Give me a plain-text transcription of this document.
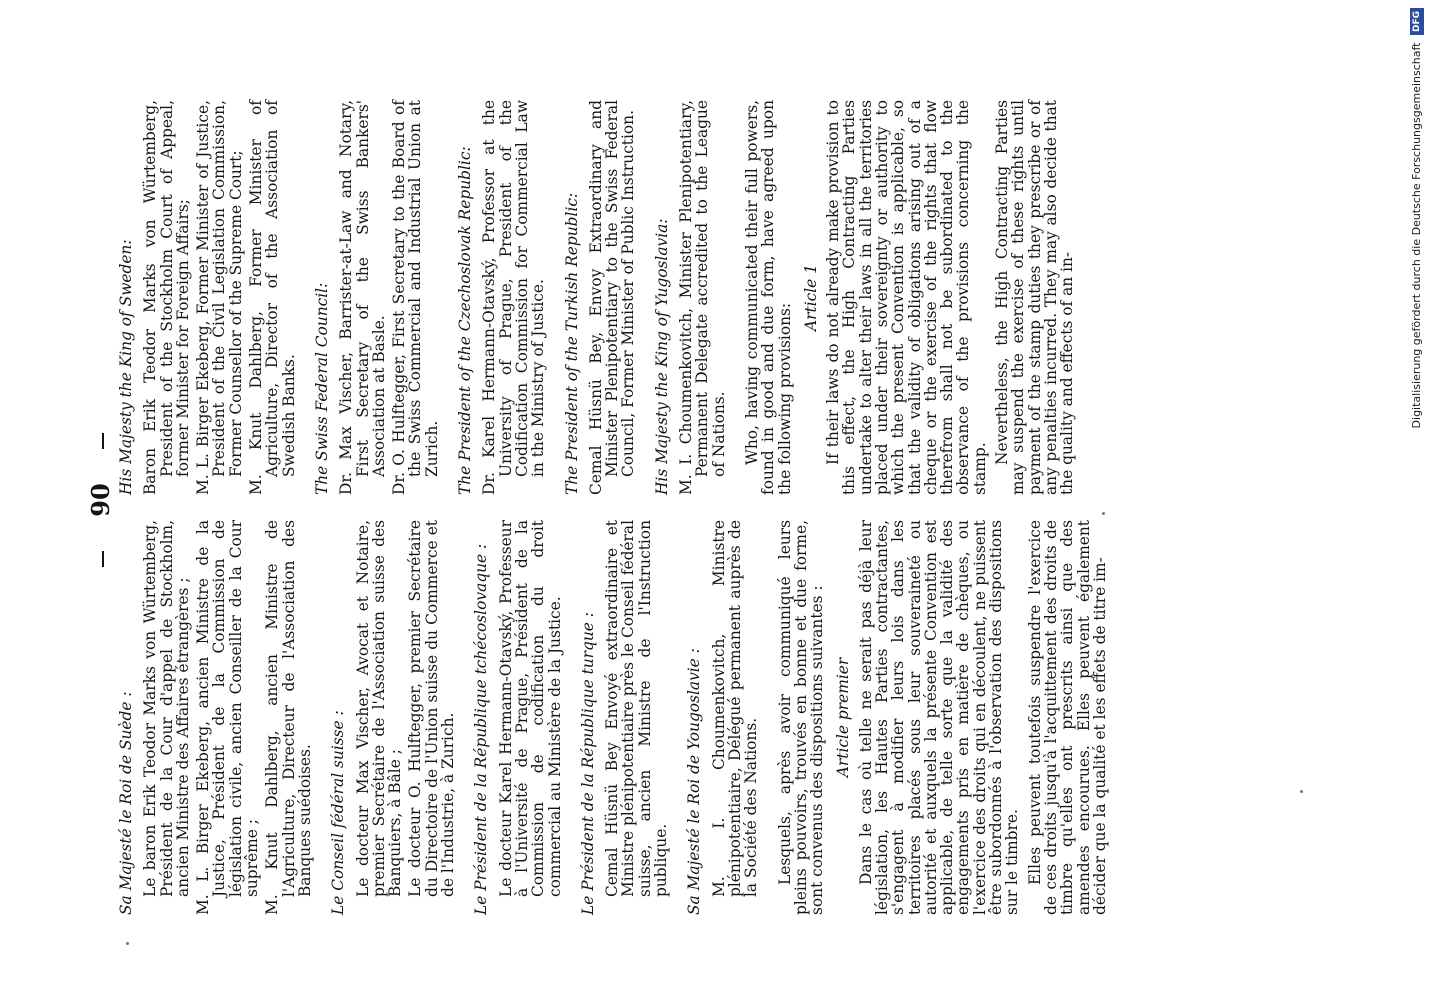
90
Sa Majesté le Roi de Suède : Le baron Erik Teodor Marks von Würtemberg, Président de la Cour d'appel de Stockholm, ancien Ministre des Affaires étrangères ; M. L. Birger Ekeberg, ancien Ministre de la Justice, Président de la Commission de législation civile, ancien Conseiller de la Cour suprême ; M. Knut Dahlberg, ancien Ministre de l'Agriculture, Directeur de l'Association des Banques suédoises. Le Conseil fédéral suisse : Le docteur Max Vischer, Avocat et Notaire, premier Secrétaire de l'Association suisse des Banquiers, à Bâle ; Le docteur O. Hulftegger, premier Secrétaire du Directoire de l'Union suisse du Commerce et de l'Industrie, à Zurich. Le Président de la République tchécoslovaque : Le docteur Karel Hermann-Otavský, Professeur à l'Université de Prague, Président de la Commission de codification du droit commercial au Ministère de la Justice. Le Président de la République turque : Cemal Hüsnü Bey Envoyé extraordinaire et Ministre plénipotentiaire près le Conseil fédéral suisse, ancien Ministre de l'Instruction publique. Sa Majesté le Roi de Yougoslavie : M. I. Choumenkovitch, Ministre plénipotentiaire, Délégué permanent auprès de la Société des Nations. Lesquels, après avoir communiqué leurs pleins pouvoirs, trouvés en bonne et due forme, sont convenus des dispositions suivantes : Article premier Dans le cas où telle ne serait pas déjà leur législation, les Hautes Parties contractantes, s'engagent à modifier leurs lois dans les territoires placés sous leur souveraineté ou autorité et auxquels la présente Convention est applicable, de telle sorte que la validité des engagements pris en matière de chèques, ou l'exercice des droits qui en découlent, ne puissent être subordonnés à l'observation des dispositions sur le timbre. Elles peuvent toutefois suspendre l'exercice de ces droits jusqu'à l'acquittement des droits de timbre qu'elles ont prescrits ainsi que des amendes encourues. Elles peuvent également décider que la qualité et les effets de titre im-

His Majesty the King of Sweden: Baron Erik Teodor Marks von Würtemberg, President of the Stockholm Court of Appeal, former Minister for Foreign Affairs; M. L. Birger Ekeberg, Former Minister of Justice, President of the Civil Legislation Commission, Former Counsellor of the Supreme Court; M. Knut Dahlberg, Former Minister of Agriculture, Director of the Association of Swedish Banks. The Swiss Federal Council: Dr. Max Vischer, Barrister-at-Law and Notary, First Secretary of the Swiss Bankers' Association at Basle. Dr. O. Hulftegger, First Secretary to the Board of the Swiss Commercial and Industrial Union at Zurich. The President of the Czechoslovak Republic: Dr. Karel Hermann-Otavský, Professor at the University of Prague, President of the Codification Commission for Commercial Law in the Ministry of Justice. The President of the Turkish Republic: Cemal Hüsnü Bey, Envoy Extraordinary and Minister Plenipotentiary to the Swiss Federal Council, Former Minister of Public Instruction. His Majesty the King of Yugoslavia: M. I. Choumenkovitch, Minister Plenipotentiary, Permanent Delegate accredited to the League of Nations. Who, having communicated their full powers, found in good and due form, have agreed upon the following provisions:

Article 1 If their laws do not already make provision to this effect, the High Contracting Parties undertake to alter their laws in all the territories placed under their sovereignty or authority to which the present Convention is applicable, so that the validity of obligations arising out of a cheque or the exercise of the rights that flow therefrom shall not be subordinated to the observance of the provisions concerning the stamp.

Nevertheless, the High Contracting Parties may suspend the exercise of these rights until payment of the stamp duties they prescribe or of any penalties incurred. They may also decide that the quality and effects of an in-	Digitalisierung gefördert durch die Deutsche Forschungsgemeinschaft DFG
